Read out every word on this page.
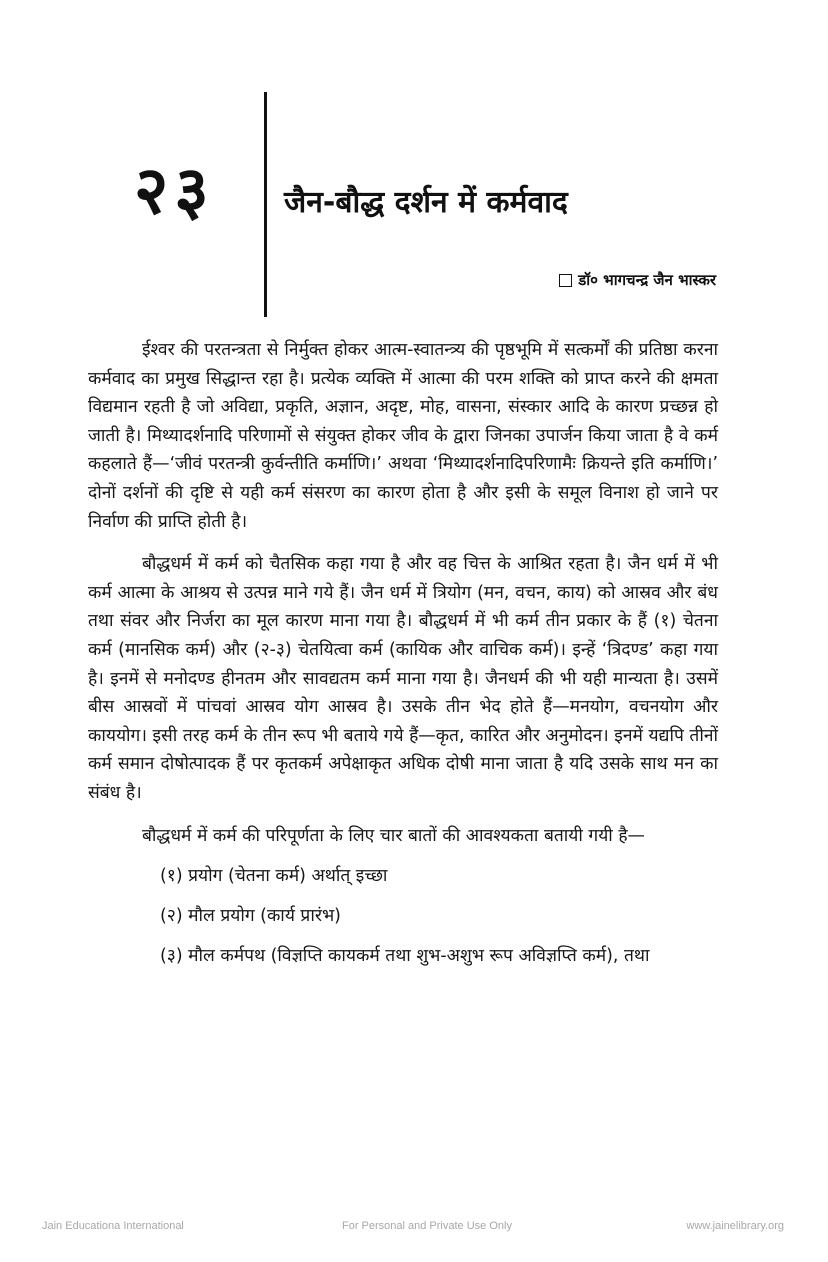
२३ जैन-बौद्ध दर्शन में कर्मवाद
डॉ० भागचन्द्र जैन भास्कर

ईश्वर की परतन्त्रता से निर्मुक्त होकर आत्म-स्वातन्त्र्य की पृष्ठभूमि में सत्कर्मों की प्रतिष्ठा करना कर्मवाद का प्रमुख सिद्धान्त रहा है। प्रत्येक व्यक्ति में आत्मा की परम शक्ति को प्राप्त करने की क्षमता विद्यमान रहती है जो अविद्या, प्रकृति, अज्ञान, अदृष्ट, मोह, वासना, संस्कार आदि के कारण प्रच्छन्न हो जाती है। मिथ्यादर्शनादि परिणामों से संयुक्त होकर जीव के द्वारा जिनका उपार्जन किया जाता है वे कर्म कहलाते हैं—‘जीवं परतन्त्री कुर्वन्तीति कर्माणि।’ अथवा ‘मिथ्यादर्शनादिपरिणामैः क्रियन्ते इति कर्माणि।’ दोनों दर्शनों की दृष्टि से यही कर्म संसरण का कारण होता है और इसी के समूल विनाश हो जाने पर निर्वाण की प्राप्ति होती है।

बौद्धधर्म में कर्म को चैतसिक कहा गया है और वह चित्त के आश्रित रहता है। जैन धर्म में भी कर्म आत्मा के आश्रय से उत्पन्न माने गये हैं। जैन धर्म में त्रियोग (मन, वचन, काय) को आस्रव और बंध तथा संवर और निर्जरा का मूल कारण माना गया है। बौद्धधर्म में भी कर्म तीन प्रकार के हैं (१) चेतना कर्म (मानसिक कर्म) और (२-३) चेतयित्वा कर्म (कायिक और वाचिक कर्म)। इन्हें ‘त्रिदण्ड’ कहा गया है। इनमें से मनोदण्ड हीनतम और सावद्यतम कर्म माना गया है। जैनधर्म की भी यही मान्यता है। उसमें बीस आस्रवों में पांचवां आस्रव योग आस्रव है। उसके तीन भेद होते हैं—मनयोग, वचनयोग और काययोग। इसी तरह कर्म के तीन रूप भी बताये गये हैं—कृत, कारित और अनुमोदन। इनमें यद्यपि तीनों कर्म समान दोषोत्पादक हैं पर कृतकर्म अपेक्षाकृत अधिक दोषी माना जाता है यदि उसके साथ मन का संबंध है।

बौद्धधर्म में कर्म की परिपूर्णता के लिए चार बातों की आवश्यकता बतायी गयी है—

(१) प्रयोग (चेतना कर्म) अर्थात् इच्छा
(२) मौल प्रयोग (कार्य प्रारंभ)
(३) मौल कर्मपथ (विज्ञप्ति कायकर्म तथा शुभ-अशुभ रूप अविज्ञप्ति कर्म), तथा
Jain Educationa International	For Personal and Private Use Only	www.jainelibrary.org
